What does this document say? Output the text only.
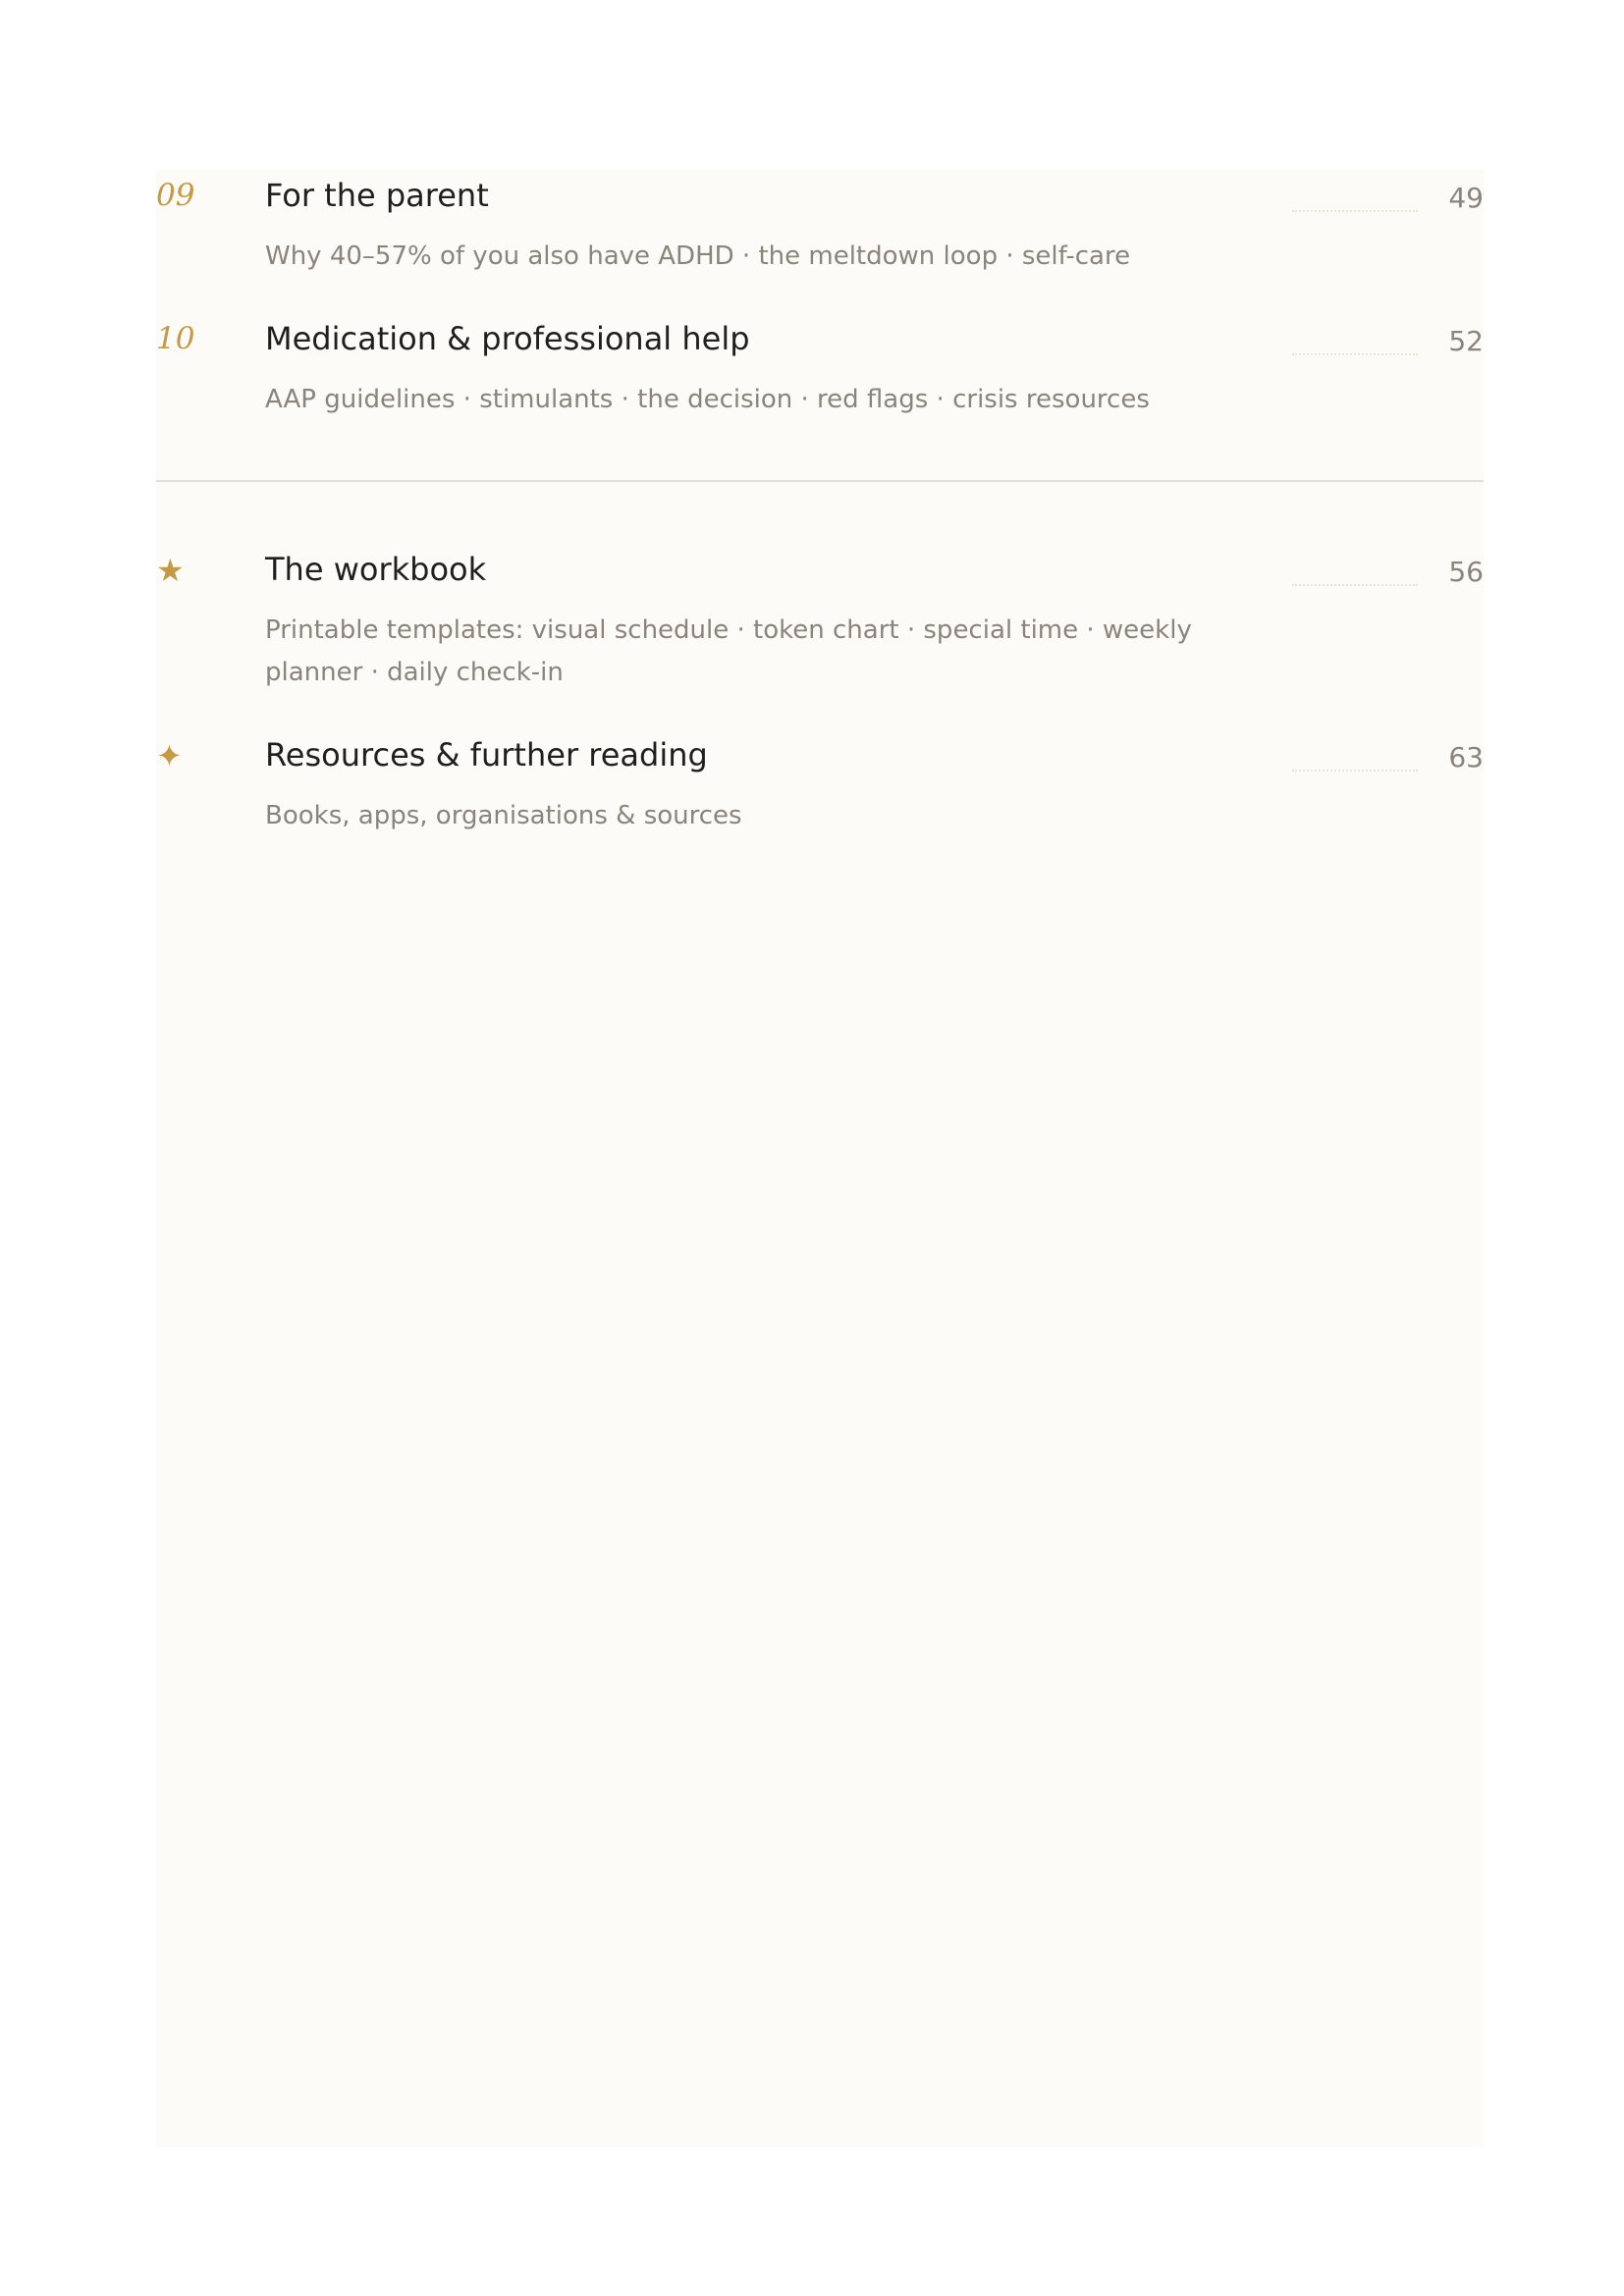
09 For the parent	49
Why 40–57% of you also have ADHD · the meltdown loop · self-care
10 Medication & professional help	52
AAP guidelines · stimulants · the decision · red flags · crisis resources
★	The workbook	56
Printable templates: visual schedule · token chart · special time · weekly planner · daily check-in
✦	Resources & further reading	63
Books, apps, organisations & sources
